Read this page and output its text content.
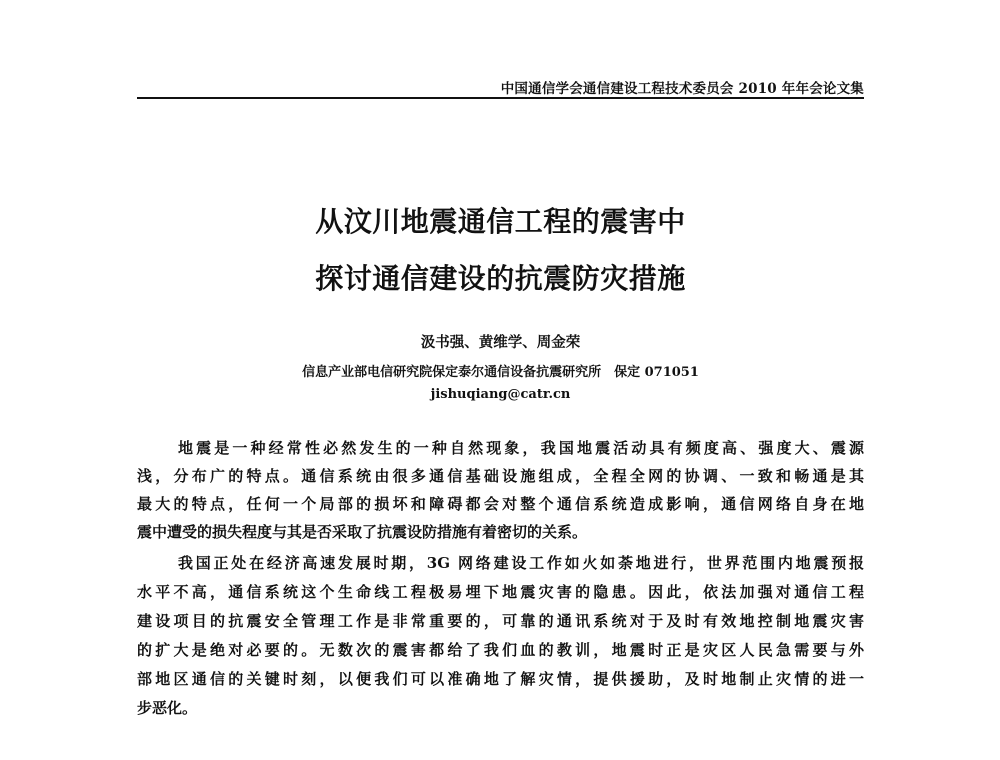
中国通信学会通信建设工程技术委员会 2010 年年会论文集
从汶川地震通信工程的震害中
探讨通信建设的抗震防灾措施
汲书强、黄维学、周金荣
信息产业部电信研究院保定泰尔通信设备抗震研究所　保定 071051
jishuqiang@catr.cn
地震是一种经常性必然发生的一种自然现象，我国地震活动具有频度高、强度大、震源
浅，分布广的特点。通信系统由很多通信基础设施组成，全程全网的协调、一致和畅通是其
最大的特点，任何一个局部的损坏和障碍都会对整个通信系统造成影响，通信网络自身在地
震中遭受的损失程度与其是否采取了抗震设防措施有着密切的关系。
我国正处在经济高速发展时期，3G 网络建设工作如火如荼地进行，世界范围内地震预报
水平不高，通信系统这个生命线工程极易埋下地震灾害的隐患。因此，依法加强对通信工程
建设项目的抗震安全管理工作是非常重要的，可靠的通讯系统对于及时有效地控制地震灾害
的扩大是绝对必要的。无数次的震害都给了我们血的教训，地震时正是灾区人民急需要与外
部地区通信的关键时刻，以便我们可以准确地了解灾情，提供援助，及时地制止灾情的进一
步恶化。
